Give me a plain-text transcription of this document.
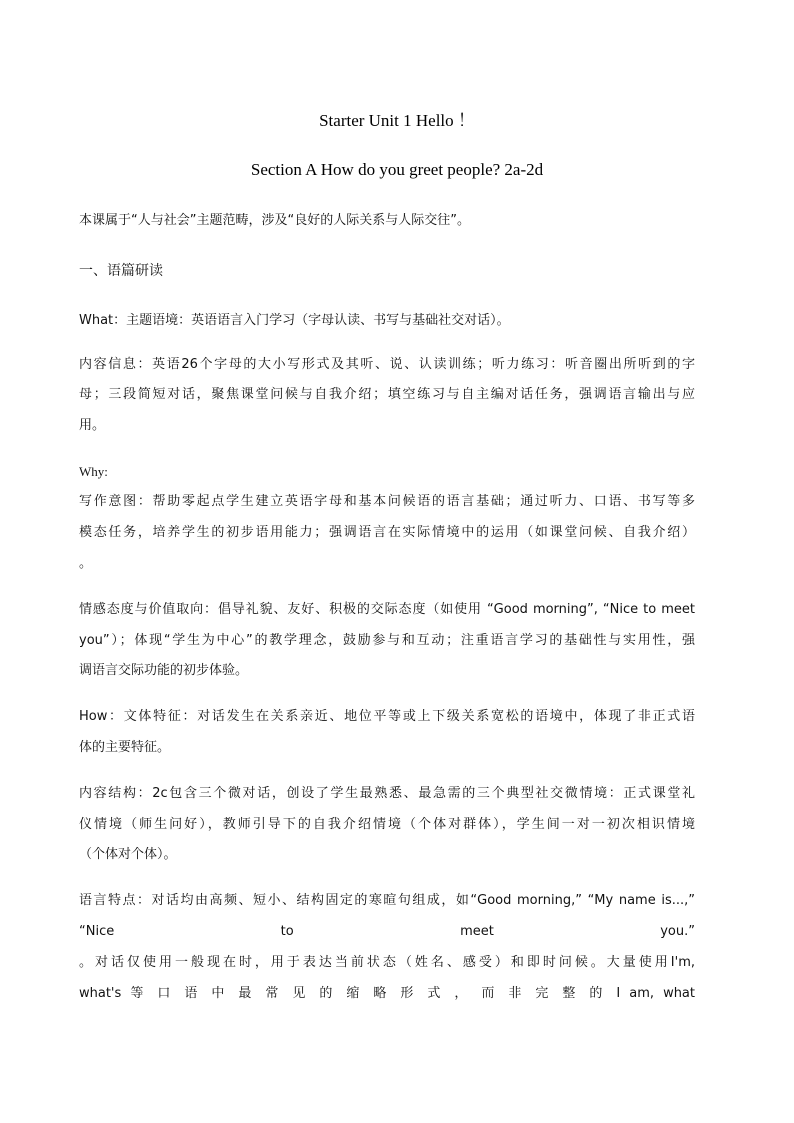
Starter Unit 1 Hello ！
Section A How do you greet people? 2a-2d
本课属于“人与社会”主题范畴，涉及“良好的人际关系与人际交往”。
一、语篇研读
What：主题语境：英语语言入门学习（字母认读、书写与基础社交对话）。
内容信息：英语26个字母的大小写形式及其听、说、认读训练；听力练习：听音圈出所听到的字
母；三段简短对话，聚焦课堂问候与自我介绍；填空练习与自主编对话任务，强调语言输出与应
用。
Why:
写作意图：帮助零起点学生建立英语字母和基本问候语的语言基础；通过听力、口语、书写等多
模态任务，培养学生的初步语用能力；强调语言在实际情境中的运用（如课堂问候、自我介绍）
。
情感态度与价值取向：倡导礼貌、友好、积极的交际态度（如使用 “Good morning”, “Nice to meet
you”）；体现“学生为中心”的教学理念，鼓励参与和互动；注重语言学习的基础性与实用性，强
调语言交际功能的初步体验。
How：文体特征：对话发生在关系亲近、地位平等或上下级关系宽松的语境中，体现了非正式语
体的主要特征。
内容结构：2c包含三个微对话，创设了学生最熟悉、最急需的三个典型社交微情境：正式课堂礼
仪情境（师生问好），教师引导下的自我介绍情境（个体对群体），学生间一对一初次相识情境
（个体对个体）。
语言特点：对话均由高频、短小、结构固定的寒暄句组成，如“Good morning,” “My name is...,”
“Nice to meet you.”
。对话仅使用一般现在时，用于表达当前状态（姓名、感受）和即时问候。大量使用I'm,
what's 等 口 语 中 最 常 见 的 缩 略 形 式 ， 而 非 完 整 的 I am, what
